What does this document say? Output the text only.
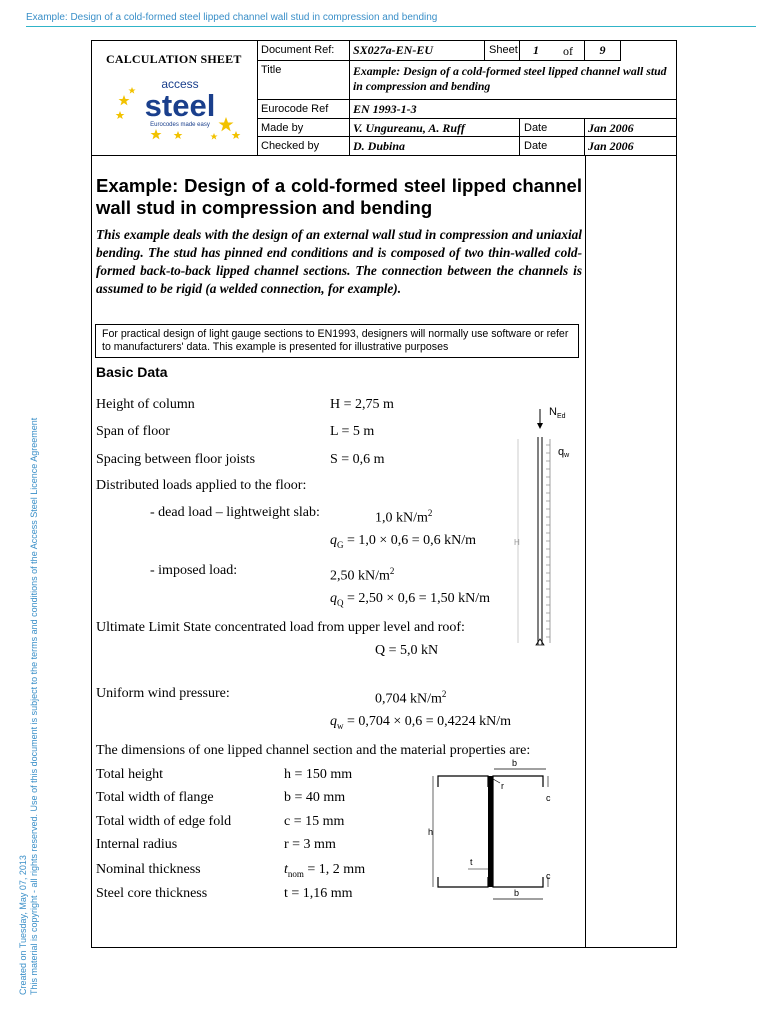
Example: Design of a cold-formed steel lipped channel wall stud in compression and bending
Created on Tuesday, May 07, 2013 This material is copyright - all rights reserved. Use of this document is subject to the terms and conditions of the Access Steel Licence Agreement
CALCULATION SHEET
access
steel
Eurocodes made easy
Document Ref:	SX027a-EN-EU	Sheet	1	of	9
Title	Example: Design of a cold-formed steel lipped channel wall stud in compression and bending
Eurocode Ref	EN 1993-1-3
Made by	V. Ungureanu, A. Ruff	Date	Jan 2006
Checked by	D. Dubina	Date	Jan 2006
Example: Design of a cold-formed steel lipped channel wall stud in compression and bending
This example deals with the design of an external wall stud in compression and uniaxial bending. The stud has pinned end conditions and is composed of two thin-walled cold-formed back-to-back lipped channel sections. The connection between the channels is assumed to be rigid (a welded connection, for example).
For practical design of light gauge sections to EN1993, designers will normally use software or refer to manufacturers' data. This example is presented for illustrative purposes
Basic Data
Height of column	H = 2,75 m
Span of floor	L = 5 m
Spacing between floor joists	S = 0,6 m
Distributed loads applied to the floor:
- dead load – lightweight slab:	1,0 $kN/m^2$
$q_G = 1,0 \times 0,6 = 0,6$ kN/m
- imposed load:	2,50 $kN/m^2$
$q_Q = 2,50 \times 0,6 = 1,50$ kN/m
Ultimate Limit State concentrated load from upper level and roof:
Q = 5,0 kN
Uniform wind pressure:	0,704 $kN/m^2$
$q_w = 0,704 \times 0,6 = 0,4224$ kN/m
The dimensions of one lipped channel section and the material properties are:
Total height	h = 150 mm
Total width of flange	b = 40 mm
Total width of edge fold	c = 15 mm
Internal radius	r = 3 mm
Nominal thickness	$t_{nom} = 1$, 2 mm
Steel core thickness	t = 1,16 mm
$N_{Ed}$
qw
H
b
r
c
h
t
c
b
